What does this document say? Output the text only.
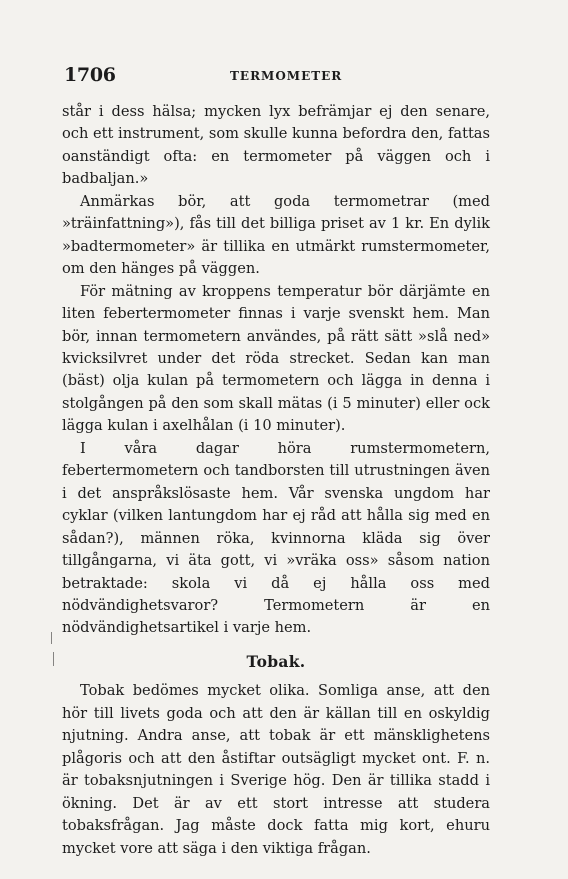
1706	TERMOMETER

står i dess hälsa; mycken lyx befrämjar ej den senare, och ett instrument, som skulle kunna befordra den, fattas oanständigt ofta: en termometer på väggen och i badbaljan.»

Anmärkas bör, att goda termometrar (med »träinfattning»), fås till det billiga priset av 1 kr. En dylik »badtermometer» är tillika en utmärkt rumstermometer, om den hänges på väggen.

För mätning av kroppens temperatur bör därjämte en liten febertermometer finnas i varje svenskt hem. Man bör, innan termometern användes, på rätt sätt »slå ned» kvicksilvret under det röda strecket. Sedan kan man (bäst) olja kulan på termometern och lägga in denna i stolgången på den som skall mätas (i 5 minuter) eller ock lägga kulan i axelhålan (i 10 minuter).

I våra dagar höra rumstermometern, febertermometern och tandborsten till utrustningen även i det anspråkslösaste hem. Vår svenska ungdom har cyklar (vilken lantungdom har ej råd att hålla sig med en sådan?), männen röka, kvinnorna kläda sig över tillgångarna, vi äta gott, vi »vräka oss» såsom nation betraktade: skola vi då ej hålla oss med nödvändighetsvaror? Termometern är en nödvändighetsartikel i varje hem.

Tobak.

Tobak bedömes mycket olika. Somliga anse, att den hör till livets goda och att den är källan till en oskyldig njutning. Andra anse, att tobak är ett mänsklighetens plågoris och att den åstiftar outsägligt mycket ont. F. n. är tobaksnjutningen i Sverige hög. Den är tillika stadd i ökning. Det är av ett stort intresse att studera tobaksfrågan. Jag måste dock fatta mig kort, ehuru mycket vore att säga i den viktiga frågan.
